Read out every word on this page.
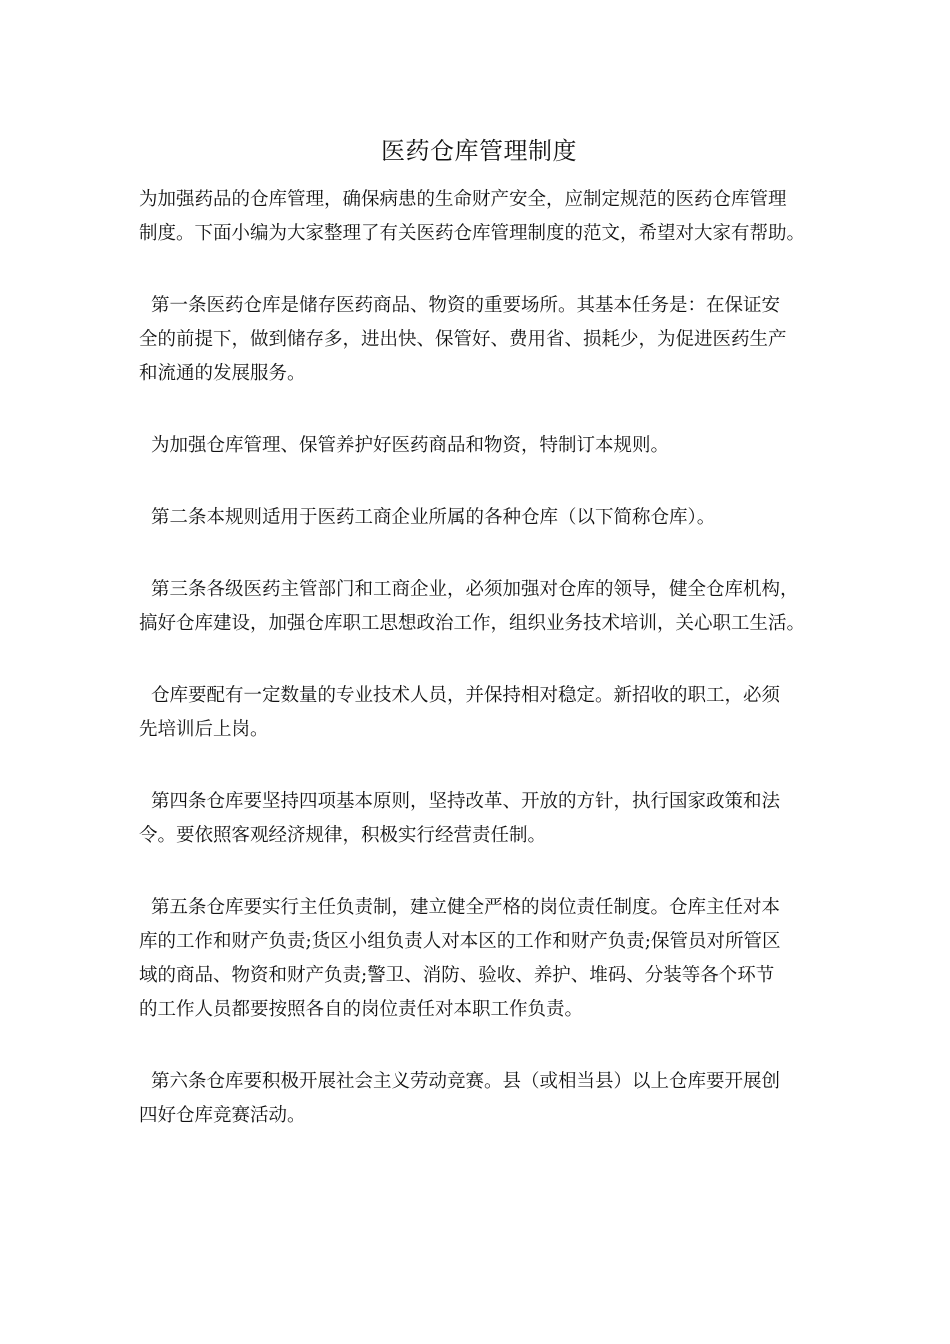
医药仓库管理制度
为加强药品的仓库管理，确保病患的生命财产安全，应制定规范的医药仓库管理
制度。下面小编为大家整理了有关医药仓库管理制度的范文，希望对大家有帮助。
第一条医药仓库是储存医药商品、物资的重要场所。其基本任务是：在保证安
全的前提下，做到储存多，进出快、保管好、费用省、损耗少，为促进医药生产
和流通的发展服务。
为加强仓库管理、保管养护好医药商品和物资，特制订本规则。
第二条本规则适用于医药工商企业所属的各种仓库（以下简称仓库）。
第三条各级医药主管部门和工商企业，必须加强对仓库的领导，健全仓库机构，
搞好仓库建设，加强仓库职工思想政治工作，组织业务技术培训，关心职工生活。
仓库要配有一定数量的专业技术人员，并保持相对稳定。新招收的职工，必须
先培训后上岗。
第四条仓库要坚持四项基本原则，坚持改革、开放的方针，执行国家政策和法
令。要依照客观经济规律，积极实行经营责任制。
第五条仓库要实行主任负责制，建立健全严格的岗位责任制度。仓库主任对本
库的工作和财产负责;货区小组负责人对本区的工作和财产负责;保管员对所管区
域的商品、物资和财产负责;警卫、消防、验收、养护、堆码、分装等各个环节
的工作人员都要按照各自的岗位责任对本职工作负责。
第六条仓库要积极开展社会主义劳动竞赛。县（或相当县）以上仓库要开展创
四好仓库竞赛活动。
